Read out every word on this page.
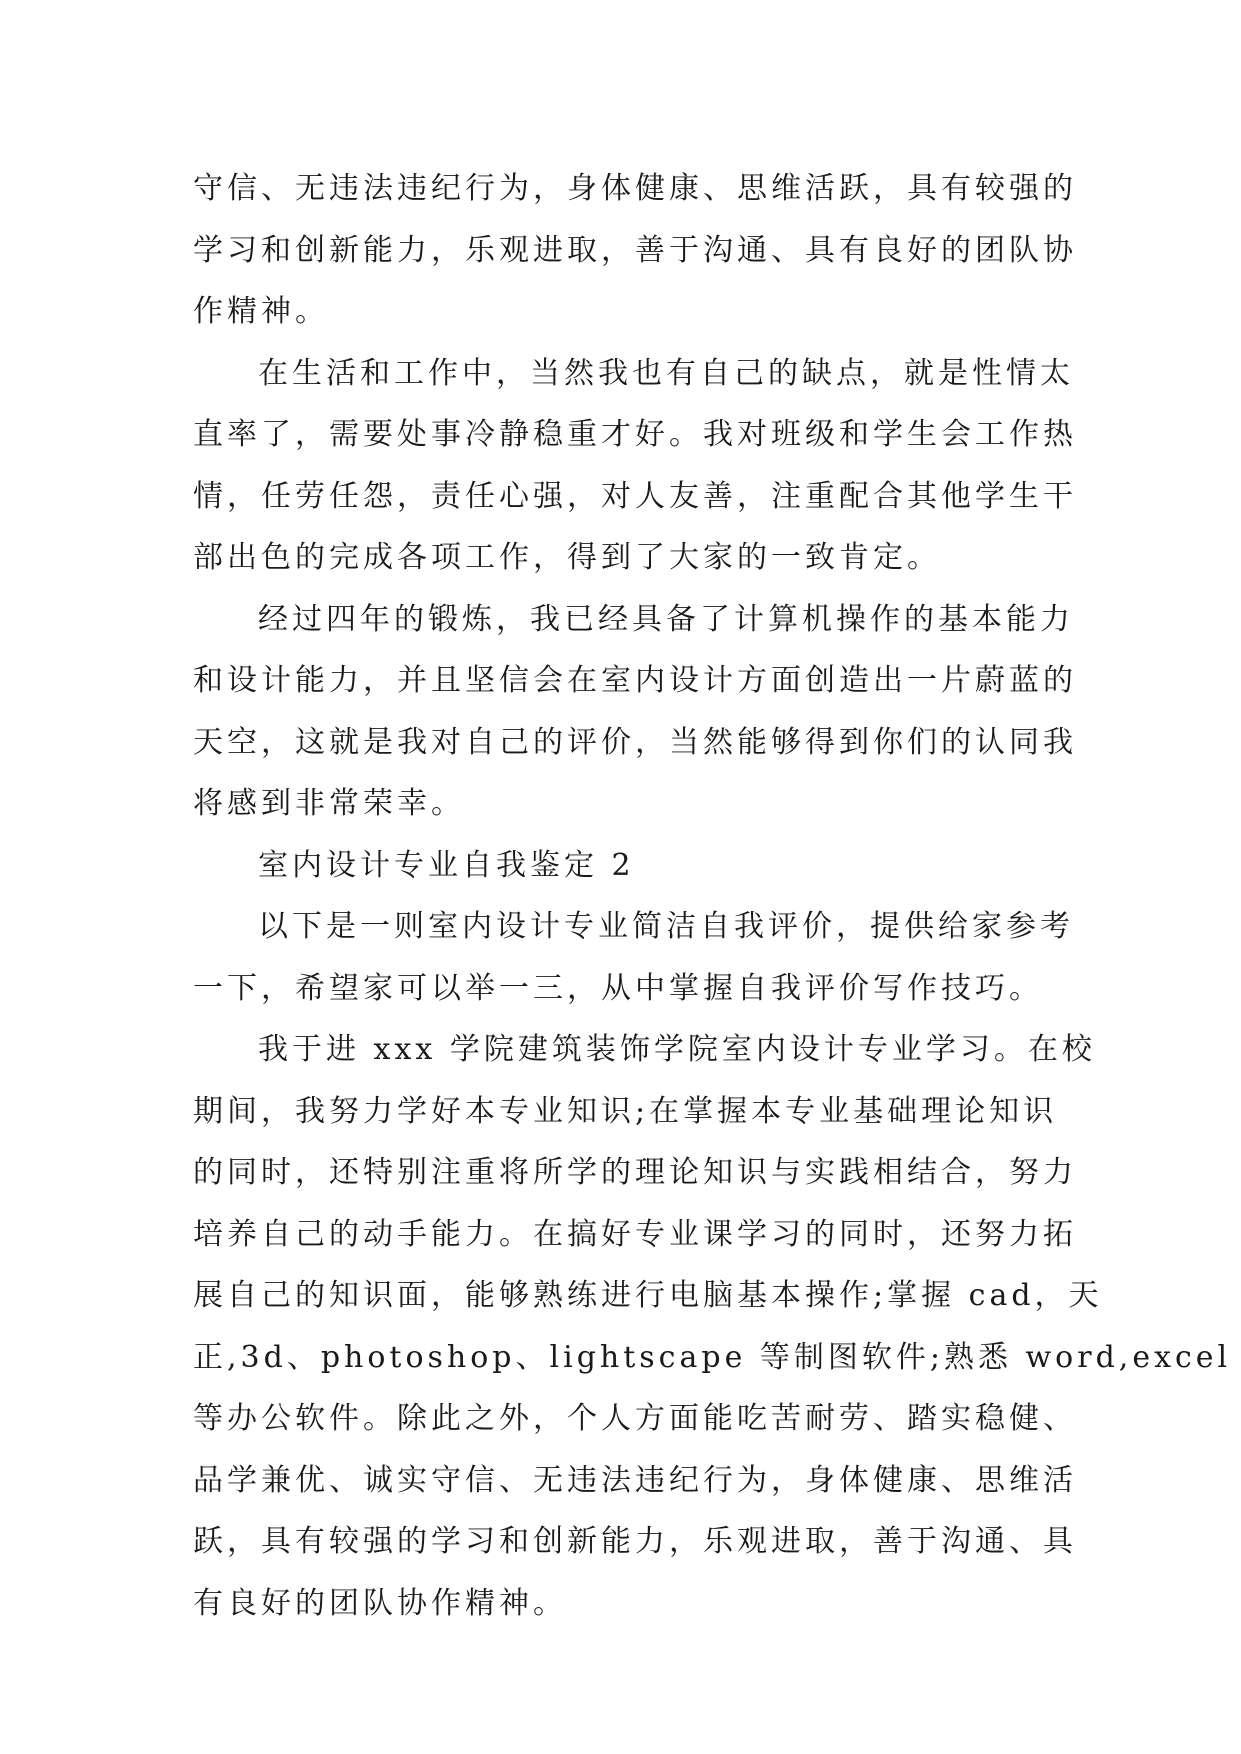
守信、无违法违纪行为，身体健康、思维活跃，具有较强的
学习和创新能力，乐观进取，善于沟通、具有良好的团队协
作精神。
在生活和工作中，当然我也有自己的缺点，就是性情太
直率了，需要处事冷静稳重才好。我对班级和学生会工作热
情，任劳任怨，责任心强，对人友善，注重配合其他学生干
部出色的完成各项工作，得到了大家的一致肯定。
经过四年的锻炼，我已经具备了计算机操作的基本能力
和设计能力，并且坚信会在室内设计方面创造出一片蔚蓝的
天空，这就是我对自己的评价，当然能够得到你们的认同我
将感到非常荣幸。
室内设计专业自我鉴定 2
以下是一则室内设计专业简洁自我评价，提供给家参考
一下，希望家可以举一三，从中掌握自我评价写作技巧。
我于进 xxx 学院建筑装饰学院室内设计专业学习。在校
期间，我努力学好本专业知识;在掌握本专业基础理论知识
的同时，还特别注重将所学的理论知识与实践相结合，努力
培养自己的动手能力。在搞好专业课学习的同时，还努力拓
展自己的知识面，能够熟练进行电脑基本操作;掌握 cad，天
正,3d、photoshop、lightscape 等制图软件;熟悉 word,excel
等办公软件。除此之外，个人方面能吃苦耐劳、踏实稳健、
品学兼优、诚实守信、无违法违纪行为，身体健康、思维活
跃，具有较强的学习和创新能力，乐观进取，善于沟通、具
有良好的团队协作精神。
